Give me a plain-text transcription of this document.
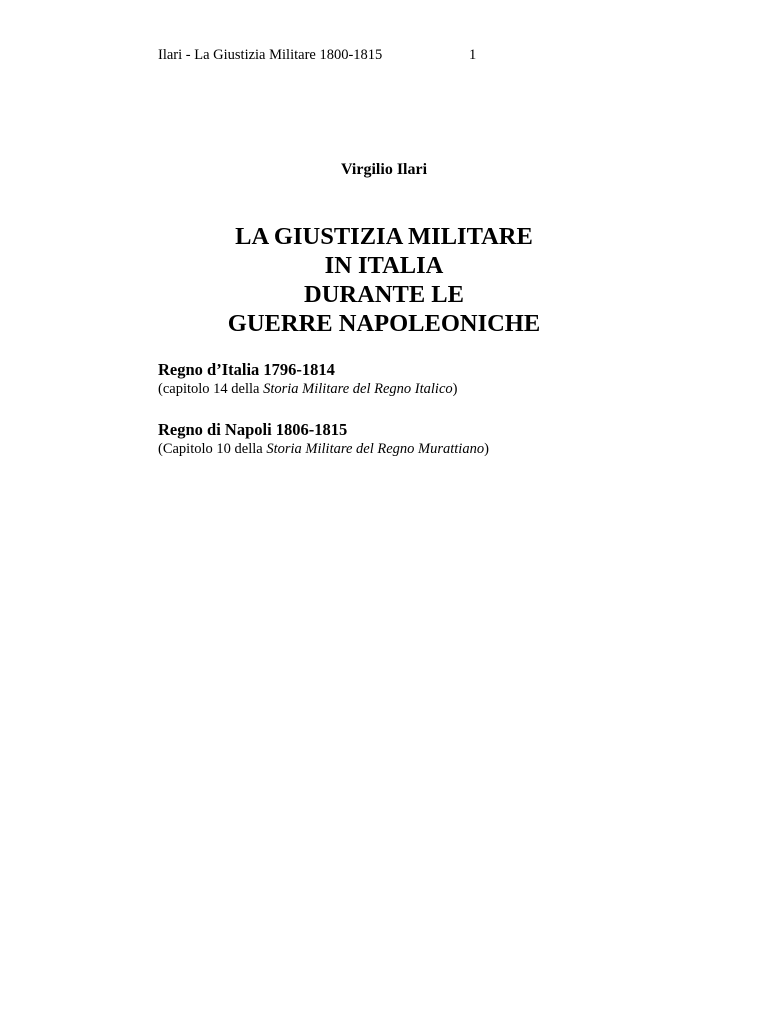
Ilari - La Giustizia Militare 1800-1815	1
Virgilio Ilari
LA GIUSTIZIA MILITARE
IN ITALIA
DURANTE LE
GUERRE NAPOLEONICHE
Regno d’Italia 1796-1814
(capitolo 14 della Storia Militare del Regno Italico)
Regno di Napoli 1806-1815
(Capitolo 10 della Storia Militare del Regno Murattiano)
